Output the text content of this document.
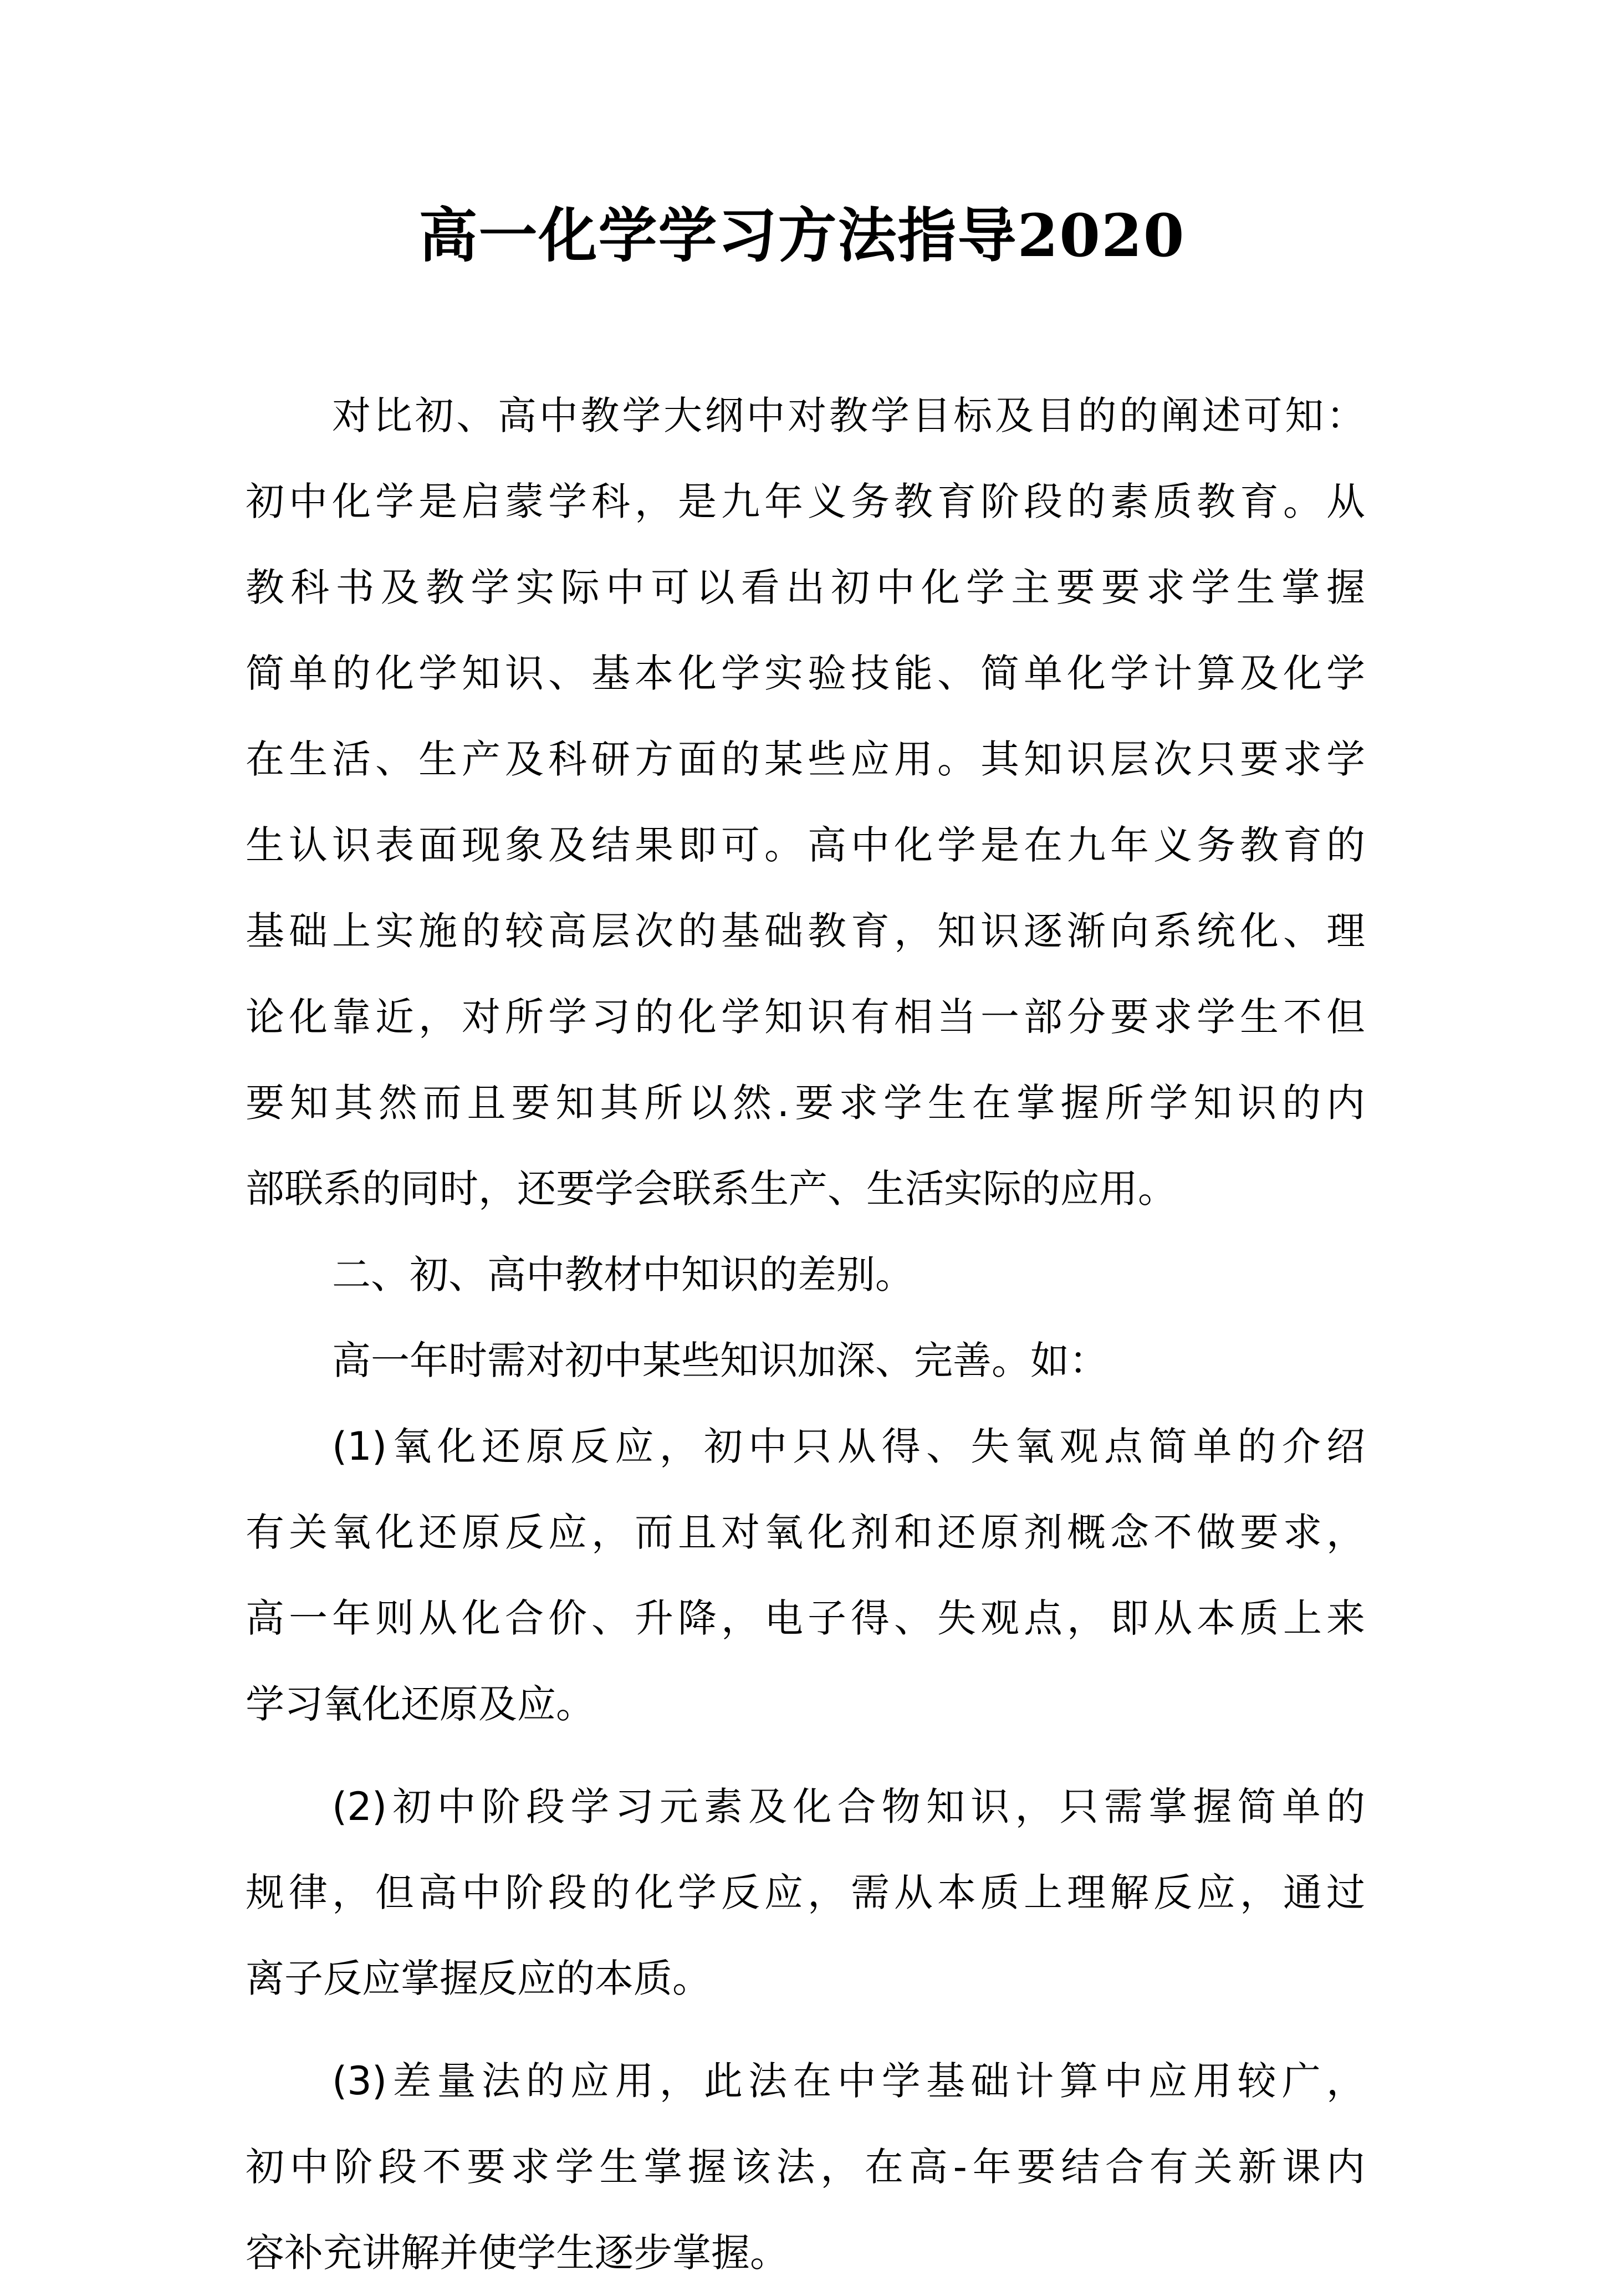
高一化学学习方法指导2020
对比初、高中教学大纲中对教学目标及目的的阐述可知：
初中化学是启蒙学科，是九年义务教育阶段的素质教育。从
教科书及教学实际中可以看出初中化学主要要求学生掌握
简单的化学知识、基本化学实验技能、简单化学计算及化学
在生活、生产及科研方面的某些应用。其知识层次只要求学
生认识表面现象及结果即可。高中化学是在九年义务教育的
基础上实施的较高层次的基础教育，知识逐渐向系统化、理
论化靠近，对所学习的化学知识有相当一部分要求学生不但
要知其然而且要知其所以然.要求学生在掌握所学知识的内
部联系的同时，还要学会联系生产、生活实际的应用。
二、初、高中教材中知识的差别。
高一年时需对初中某些知识加深、完善。如：
(1)氧化还原反应，初中只从得、失氧观点简单的介绍
有关氧化还原反应，而且对氧化剂和还原剂概念不做要求，
高一年则从化合价、升降，电子得、失观点，即从本质上来
学习氧化还原及应。
(2)初中阶段学习元素及化合物知识，只需掌握简单的
规律，但高中阶段的化学反应，需从本质上理解反应，通过
离子反应掌握反应的本质。
(3)差量法的应用，此法在中学基础计算中应用较广，
初中阶段不要求学生掌握该法，在高-年要结合有关新课内
容补充讲解并使学生逐步掌握。
